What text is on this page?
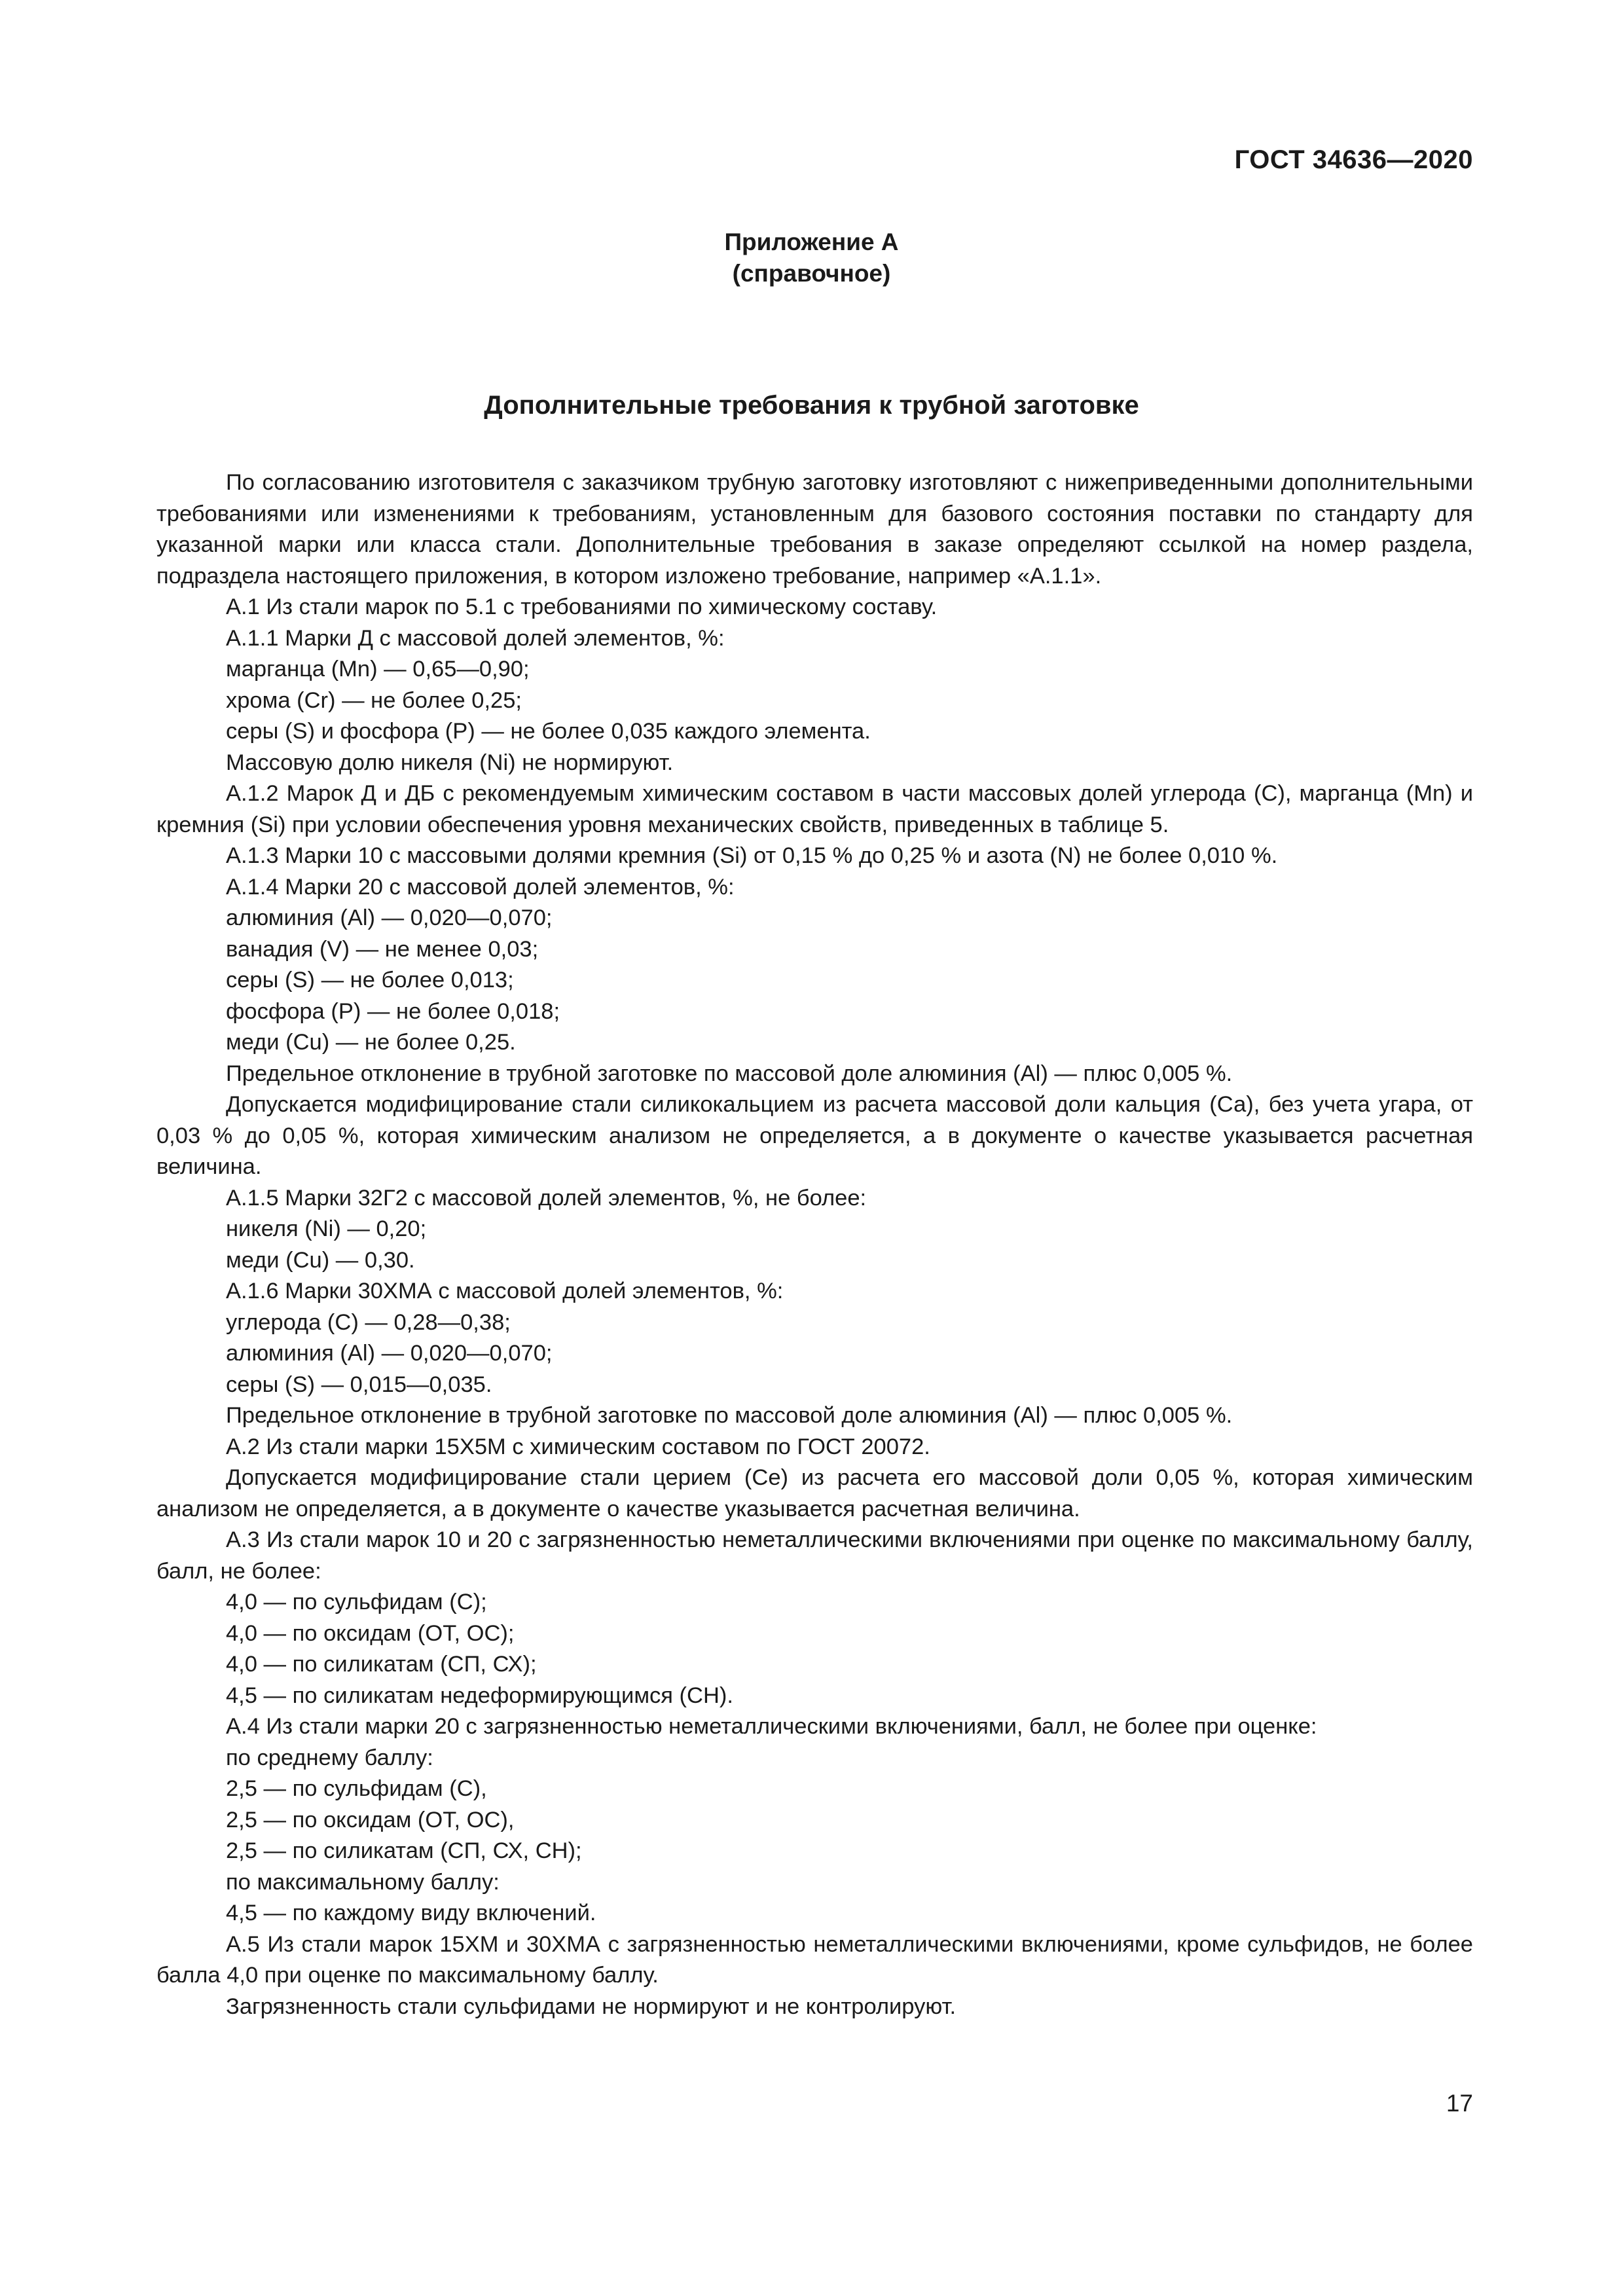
ГОСТ 34636—2020
Приложение А
(справочное)
Дополнительные требования к трубной заготовке

По согласованию изготовителя с заказчиком трубную заготовку изготовляют с нижеприведенными дополнительными требованиями или изменениями к требованиям, установленным для базового состояния поставки по стандарту для указанной марки или класса стали. Дополнительные требования в заказе определяют ссылкой на номер раздела, подраздела настоящего приложения, в котором изложено требование, например «А.1.1».

А.1 Из стали марок по 5.1 с требованиями по химическому составу.

А.1.1 Марки Д с массовой долей элементов, %:

марганца (Mn) — 0,65—0,90;

хрома (Cr) — не более 0,25;

серы (S) и фосфора (P) — не более 0,035 каждого элемента.

Массовую долю никеля (Ni) не нормируют.

А.1.2 Марок Д и ДБ с рекомендуемым химическим составом в части массовых долей углерода (С), марганца (Mn) и кремния (Si) при условии обеспечения уровня механических свойств, приведенных в таблице 5.

А.1.3 Марки 10 с массовыми долями кремния (Si) от 0,15 % до 0,25 % и азота (N) не более 0,010 %.

А.1.4 Марки 20 с массовой долей элементов, %:

алюминия (Al) — 0,020—0,070;

ванадия (V) — не менее 0,03;

серы (S) — не более 0,013;

фосфора (P) — не более 0,018;

меди (Cu) — не более 0,25.

Предельное отклонение в трубной заготовке по массовой доле алюминия (Al) — плюс 0,005 %.

Допускается модифицирование стали силикокальцием из расчета массовой доли кальция (Са), без учета угара, от 0,03 % до 0,05 %, которая химическим анализом не определяется, а в документе о качестве указывается расчетная величина.

А.1.5 Марки 32Г2 с массовой долей элементов, %, не более:

никеля (Ni) — 0,20;

меди (Cu) — 0,30.

А.1.6 Марки 30ХМА с массовой долей элементов, %:

углерода (С) — 0,28—0,38;

алюминия (Al) — 0,020—0,070;

серы (S) — 0,015—0,035.

Предельное отклонение в трубной заготовке по массовой доле алюминия (Al) — плюс 0,005 %.

А.2 Из стали марки 15Х5М с химическим составом по ГОСТ 20072.

Допускается модифицирование стали церием (Се) из расчета его массовой доли 0,05 %, которая химическим анализом не определяется, а в документе о качестве указывается расчетная величина.

А.3 Из стали марок 10 и 20 с загрязненностью неметаллическими включениями при оценке по максимальному баллу, балл, не более:

4,0 — по сульфидам (С);

4,0 — по оксидам (ОТ, ОС);

4,0 — по силикатам (СП, СХ);

4,5 — по силикатам недеформирующимся (СН).

А.4 Из стали марки 20 с загрязненностью неметаллическими включениями, балл, не более при оценке:

по среднему баллу:

2,5 — по сульфидам (С),

2,5 — по оксидам (ОТ, ОС),

2,5 — по силикатам (СП, СХ, СН);

по максимальному баллу:

4,5 — по каждому виду включений.

А.5 Из стали марок 15ХМ и 30ХМА с загрязненностью неметаллическими включениями, кроме сульфидов, не более балла 4,0 при оценке по максимальному баллу.

Загрязненность стали сульфидами не нормируют и не контролируют.

17
